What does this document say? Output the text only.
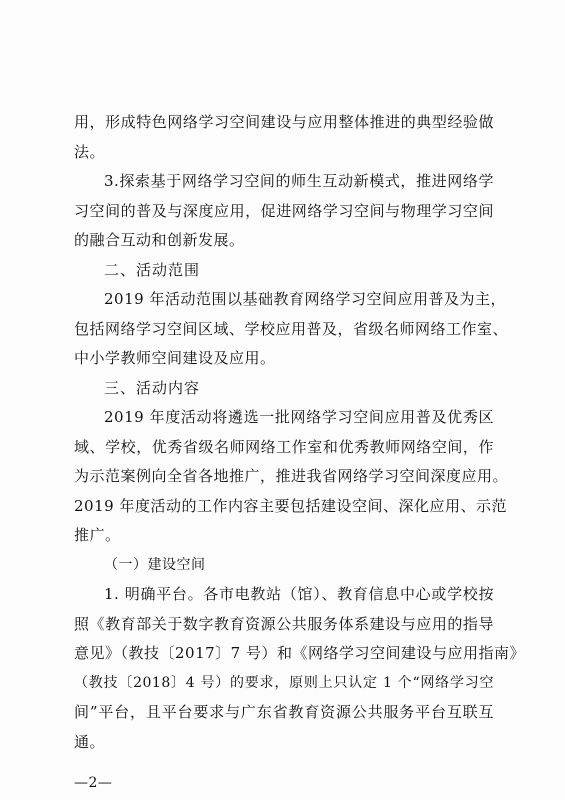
用，形成特色网络学习空间建设与应用整体推进的典型经验做
法。
3.探索基于网络学习空间的师生互动新模式，推进网络学
习空间的普及与深度应用，促进网络学习空间与物理学习空间
的融合互动和创新发展。
二、活动范围
2019 年活动范围以基础教育网络学习空间应用普及为主，
包括网络学习空间区域、学校应用普及，省级名师网络工作室、
中小学教师空间建设及应用。
三、活动内容
2019 年度活动将遴选一批网络学习空间应用普及优秀区
域、学校，优秀省级名师网络工作室和优秀教师网络空间，作
为示范案例向全省各地推广，推进我省网络学习空间深度应用。
2019 年度活动的工作内容主要包括建设空间、深化应用、示范
推广。
（一）建设空间
1. 明确平台。各市电教站（馆）、教育信息中心或学校按
照《教育部关于数字教育资源公共服务体系建设与应用的指导
意见》（教技〔2017〕7 号）和《网络学习空间建设与应用指南》
（教技〔2018〕4 号）的要求，原则上只认定 1 个“网络学习空
间”平台，且平台要求与广东省教育资源公共服务平台互联互
通。
—2—
